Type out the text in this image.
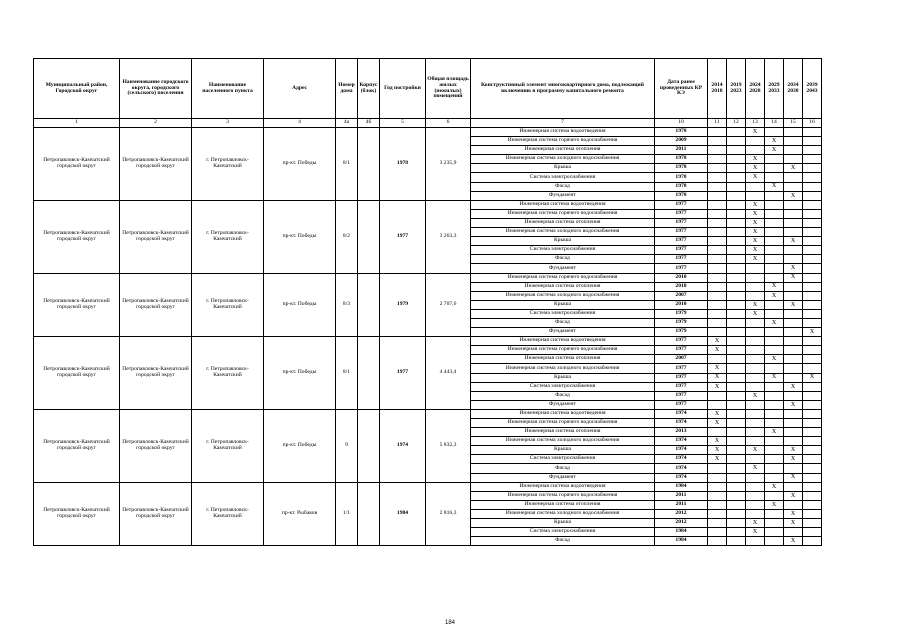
Муниципальный район, Городской округ	Наименование городского округа, городского (сельского) поселения	Наименование населенного пункта	Адрес	Номер дома	Корпус (блок)	Год постройки	Общая площадь жилых (нежилых) помещений	Конструктивный элемент многоквартирного дома, подлежащий включению в программу капитального ремонта	Дата ранее проведенных КР КЭ	2014 2018	2019 2023	2024 2028	2029 2033	2034 2038	2039 2043
1	2	3	4	4а	4б	5	6	7	10	11	12	13	14	15	16
Петропавловск-Камчатский городской округ	Петропавловск-Камчатский городской округ	г. Петропавловск-Камчатский	пр-кт. Победы	8/1		1978	3 235,9	Инженерная система водоотведения	1978			X			
								Инженерная система горячего водоснабжения	2009				X		
								Инженерная система отопления	2011				X		
								Инженерная система холодного водоснабжения	1978			X			
								Крыша	1978			X		X	
								Система электроснабжения	1978			X			
								Фасад	1978				X		
								Фундамент	1978					X	
Петропавловск-Камчатский городской округ	Петропавловск-Камчатский городской округ	г. Петропавловск-Камчатский	пр-кт. Победы	8/2		1977	3 263,3	Инженерная система водоотведения	1977			X			
								Инженерная система горячего водоснабжения	1977			X			
								Инженерная система отопления	1977			X			
								Инженерная система холодного водоснабжения	1977			X			
								Крыша	1977			X		X	
								Система электроснабжения	1977			X			
								Фасад	1977			X			
								Фундамент	1977					X	
Петропавловск-Камчатский городской округ	Петропавловск-Камчатский городской округ	г. Петропавловск-Камчатский	пр-кт. Победы	8/3		1979	2 707,6	Инженерная система горячего водоснабжения	2010					X	
								Инженерная система отопления	2010				X		
								Инженерная система холодного водоснабжения	2007				X		
								Крыша	2010			X		X	
								Система электроснабжения	1979			X			
								Фасад	1979				X		
								Фундамент	1979						X
Петропавловск-Камчатский городской округ	Петропавловск-Камчатский городской округ	г. Петропавловск-Камчатский	пр-кт. Победы	8/1		1977	4 443,4	Инженерная система водоотведения	1977	X					
								Инженерная система горячего водоснабжения	1977	X					
								Инженерная система отопления	2007				X		
								Инженерная система холодного водоснабжения	1977	X					
								Крыша	1977	X			X		X
								Система электроснабжения	1977	X				X	
								Фасад	1977			X			
								Фундамент	1977					X	
Петропавловск-Камчатский городской округ	Петропавловск-Камчатский городской округ	г. Петропавловск-Камчатский	пр-кт. Победы	9		1974	5 832,3	Инженерная система водоотведения	1974	X					
								Инженерная система горячего водоснабжения	1974	X					
								Инженерная система отопления	2013				X		
								Инженерная система холодного водоснабжения	1974	X					
								Крыша	1974	X		X		X	
								Система электроснабжения	1974	X				X	
								Фасад	1974			X			
								Фундамент	1974					X	
Петропавловск-Камчатский городской округ	Петропавловск-Камчатский городской округ	г. Петропавловск-Камчатский	пр-кт. Рыбаков	1/1		1984	2 816,3	Инженерная система водоотведения	1984				X		
								Инженерная система горячего водоснабжения	2011					X	
								Инженерная система отопления	2011				X		
								Инженерная система холодного водоснабжения	2012					X	
								Крыша	2012			X		X	
								Система электроснабжения	1984			X			
								Фасад	1984					X	
184
